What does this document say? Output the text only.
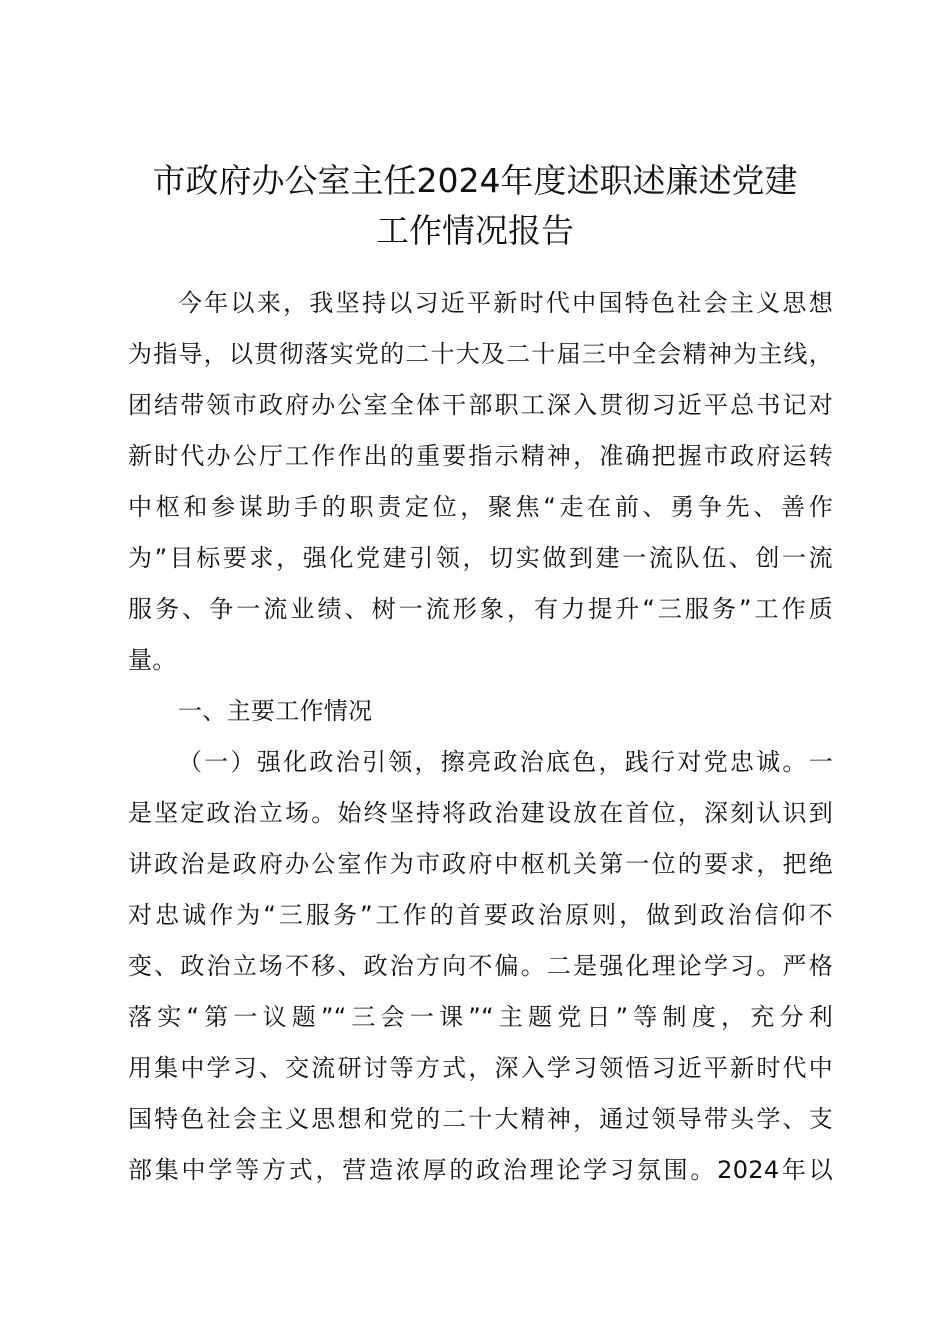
市政府办公室主任2024年度述职述廉述党建
工作情况报告
今年以来，我坚持以习近平新时代中国特色社会主义思想
为指导，以贯彻落实党的二十大及二十届三中全会精神为主线，
团结带领市政府办公室全体干部职工深入贯彻习近平总书记对
新时代办公厅工作作出的重要指示精神，准确把握市政府运转
中枢和参谋助手的职责定位，聚焦“走在前、勇争先、善作
为”目标要求，强化党建引领，切实做到建一流队伍、创一流
服务、争一流业绩、树一流形象，有力提升“三服务”工作质
量。
一、主要工作情况
（一）强化政治引领，擦亮政治底色，践行对党忠诚。一
是坚定政治立场。始终坚持将政治建设放在首位，深刻认识到
讲政治是政府办公室作为市政府中枢机关第一位的要求，把绝
对忠诚作为“三服务”工作的首要政治原则，做到政治信仰不
变、政治立场不移、政治方向不偏。二是强化理论学习。严格
落实“第一议题”“三会一课”“主题党日”等制度，充分利
用集中学习、交流研讨等方式，深入学习领悟习近平新时代中
国特色社会主义思想和党的二十大精神，通过领导带头学、支
部集中学等方式，营造浓厚的政治理论学习氛围。2024年以
